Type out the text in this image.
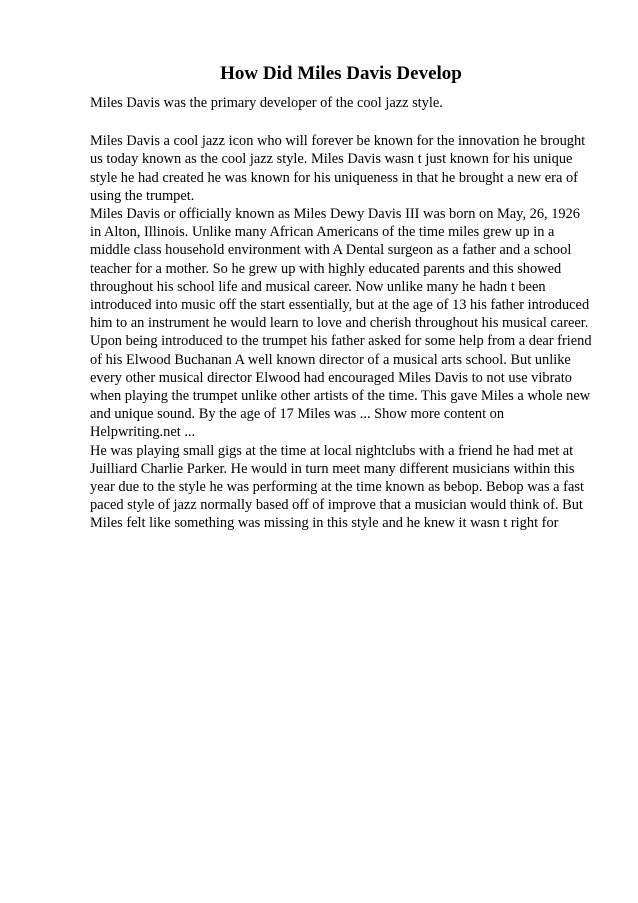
How Did Miles Davis Develop

Miles Davis was the primary developer of the cool jazz style.

Miles Davis a cool jazz icon who will forever be known for the innovation he brought us today known as the cool jazz style. Miles Davis wasn t just known for his unique style he had created he was known for his uniqueness in that he brought a new era of using the trumpet.

Miles Davis or officially known as Miles Dewy Davis III was born on May, 26, 1926 in Alton, Illinois. Unlike many African Americans of the time miles grew up in a middle class household environment with A Dental surgeon as a father and a school teacher for a mother. So he grew up with highly educated parents and this showed throughout his school life and musical career. Now unlike many he hadn t been introduced into music off the start essentially, but at the age of 13 his father introduced him to an instrument he would learn to love and cherish throughout his musical career.

Upon being introduced to the trumpet his father asked for some help from a dear friend of his Elwood Buchanan A well known director of a musical arts school. But unlike every other musical director Elwood had encouraged Miles Davis to not use vibrato when playing the trumpet unlike other artists of the time. This gave Miles a whole new and unique sound. By the age of 17 Miles was ... Show more content on Helpwriting.net ...

He was playing small gigs at the time at local nightclubs with a friend he had met at Juilliard Charlie Parker. He would in turn meet many different musicians within this year due to the style he was performing at the time known as bebop. Bebop was a fast paced style of jazz normally based off of improve that a musician would think of. But Miles felt like something was missing in this style and he knew it wasn t right for
